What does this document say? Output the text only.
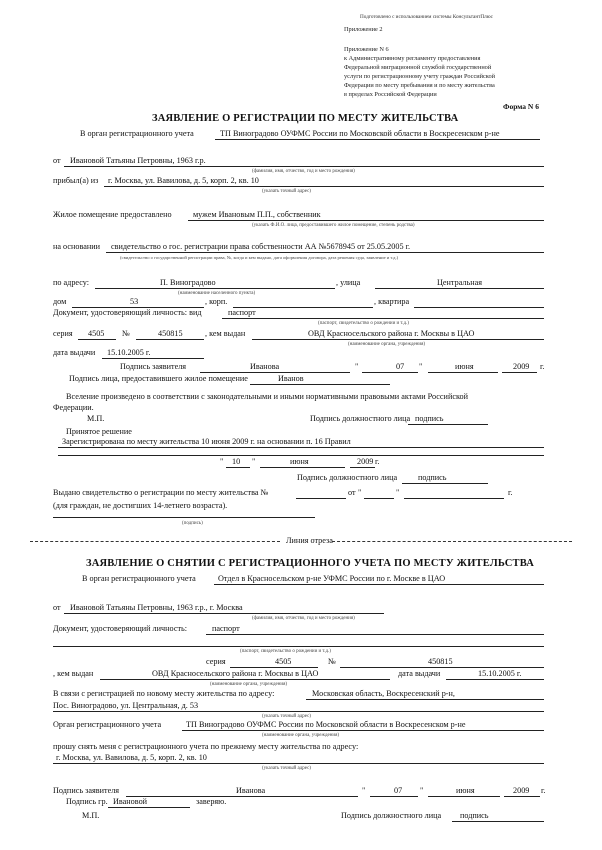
Подготовлено с использованием системы КонсультантПлюс
Приложение 2
Приложение N 6
к Административному регламенту предоставления
Федеральной миграционной службой государственной
услуги по регистрационному учету граждан Российской
Федерации по месту пребывания и по месту жительства
в пределах Российской Федерации
Форма N 6
ЗАЯВЛЕНИЕ О РЕГИСТРАЦИИ ПО МЕСТУ ЖИТЕЛЬСТВА
В орган регистрационного учета	ТП Виноградово ОУФМС России по Московской области в Воскресенском р-не
от Ивановой Татьяны Петровны, 1963 г.р.
(фамилия, имя, отчество, год и место рождения)
прибыл(а) из г. Москва, ул. Вавилова, д. 5, корп. 2, кв. 10
(указать точный адрес)
Жилое помещение предоставлено	мужем Ивановым П.П., собственник
(указать Ф.И.О. лица, предоставившего жилое помещение, степень родства)
на основании свидетельство о гос. регистрации права собственности АА №5678945 от 25.05.2005 г.
(свидетельство о государственной регистрации права, №, когда и кем выдано, дата оформления договора, дата решения суда, заявление и т.д.)
по адресу:	П. Виноградово	, улица	Центральная
(наименование населенного пункта)
дом	53	, корп.	, квартира
Документ, удостоверяющий личность: вид	паспорт
(паспорт, свидетельство о рождении и т.д.)
серия 4505 №	450815	, кем выдан	ОВД Красносельского района г. Москвы в ЦАО
(наименование органа, учреждения)
дата выдачи 15.10.2005 г.
Подпись заявителя	Иванова	"	07 "	июня	2009 г.
Подпись лица, предоставившего жилое помещение	Иванов
Вселение произведено в соответствии с законодательными и иными нормативными правовыми актами Российской
Федерации.
М.П.	Подпись должностного лица подпись
Принятое решение
Зарегистрирована по месту жительства 10 июня 2009 г. на основании п. 16 Правил
" 10 "	июня	2009 г.
Подпись должностного лица	подпись
Выдано свидетельство о регистрации по месту жительства №	от "	"	г.
(для граждан, не достигших 14-летнего возраста).
(подпись)
Линия отреза
ЗАЯВЛЕНИЕ О СНЯТИИ С РЕГИСТРАЦИОННОГО УЧЕТА ПО МЕСТУ ЖИТЕЛЬСТВА
В орган регистрационного учета	Отдел в Красносельском р-не УФМС России по г. Москве в ЦАО
от Ивановой Татьяны Петровны, 1963 г.р., г. Москва
(фамилия, имя, отчество, год и место рождения)
Документ, удостоверяющий личность:	паспорт
(паспорт, свидетельство о рождении и т.д.)
серия	4505	№	450815
, кем выдан	ОВД Красносельского района г. Москвы в ЦАО	дата выдачи	15.10.2005 г.
(наименование органа, учреждения)
В связи с регистрацией по новому месту жительства по адресу:	Московская область, Воскресенский р-н,
Пос. Виноградово, ул. Центральная, д. 53
(указать точный адрес)
Орган регистрационного учета	ТП Виноградово ОУФМС России по Московской области в Воскресенском р-не
(наименование органа, учреждения)
прошу снять меня с регистрационного учета по прежнему месту жительства по адресу:
г. Москва, ул. Вавилова, д. 5, корп. 2, кв. 10
(указать точный адрес)
Подпись заявителя	Иванова	"	07 "	июня	2009 г.
Подпись гр. Ивановой	заверяю.
М.П.	Подпись должностного лица подпись
